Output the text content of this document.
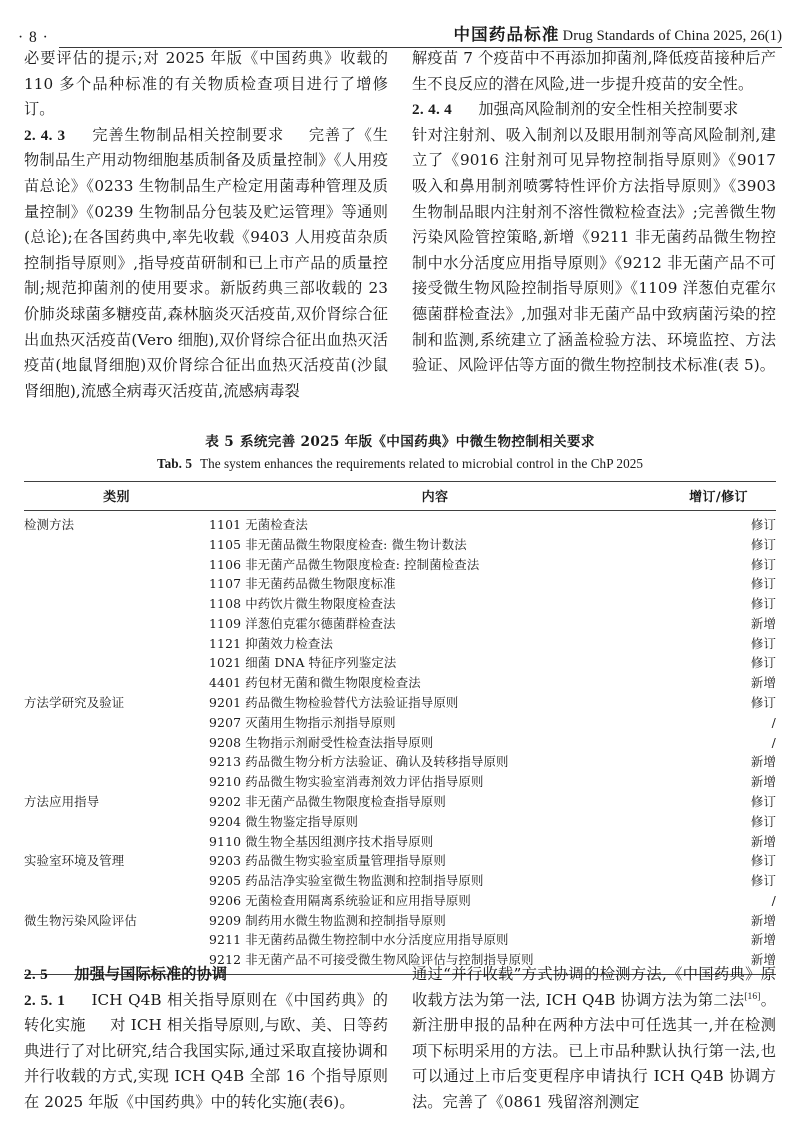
· 8 ·	中国药品标准 Drug Standards of China 2025, 26(1)

必要评估的提示;对 2025 年版《中国药典》收载的 110 多个品种标准的有关物质检查项目进行了增修订。

2. 4. 3 完善生物制品相关控制要求 完善了《生物制品生产用动物细胞基质制备及质量控制》《人用疫苗总论》《0233 生物制品生产检定用菌毒种管理及质量控制》《0239 生物制品分包装及贮运管理》等通则(总论);在各国药典中,率先收载《9403 人用疫苗杂质控制指导原则》,指导疫苗研制和已上市产品的质量控制;规范抑菌剂的使用要求。新版药典三部收载的 23 价肺炎球菌多糖疫苗,森林脑炎灭活疫苗,双价肾综合征出血热灭活疫苗(Vero 细胞),双价肾综合征出血热灭活疫苗(地鼠肾细胞)双价肾综合征出血热灭活疫苗(沙鼠肾细胞),流感全病毒灭活疫苗,流感病毒裂

解疫苗 7 个疫苗中不再添加抑菌剂,降低疫苗接种后产生不良反应的潜在风险,进一步提升疫苗的安全性。

2. 4. 4 加强高风险制剂的安全性相关控制要求
针对注射剂、吸入制剂以及眼用制剂等高风险制剂,建立了《9016 注射剂可见异物控制指导原则》《9017 吸入和鼻用制剂喷雾特性评价方法指导原则》《3903 生物制品眼内注射剂不溶性微粒检查法》;完善微生物污染风险管控策略,新增《9211 非无菌药品微生物控制中水分活度应用指导原则》《9212 非无菌产品不可接受微生物风险控制指导原则》《1109 洋葱伯克霍尔德菌群检查法》,加强对非无菌产品中致病菌污染的控制和监测,系统建立了涵盖检验方法、环境监控、方法验证、风险评估等方面的微生物控制技术标准(表 5)。

表 5 系统完善 2025 年版《中国药典》中微生物控制相关要求
Tab. 5 The system enhances the requirements related to microbial control in the ChP 2025
类别	内容	增订/修订
检测方法	1101 无菌检查法	修订
	1105 非无菌品微生物限度检查: 微生物计数法	修订
	1106 非无菌产品微生物限度检查: 控制菌检查法	修订
	1107 非无菌药品微生物限度标准	修订
	1108 中药饮片微生物限度检查法	修订
	1109 洋葱伯克霍尔德菌群检查法	新增
	1121 抑菌效力检查法	修订
	1021 细菌 DNA 特征序列鉴定法	修订
	4401 药包材无菌和微生物限度检查法	新增
方法学研究及验证	9201 药品微生物检验替代方法验证指导原则	修订
	9207 灭菌用生物指示剂指导原则	/
	9208 生物指示剂耐受性检查法指导原则	/
	9213 药品微生物分析方法验证、确认及转移指导原则	新增
	9210 药品微生物实验室消毒剂效力评估指导原则	新增
方法应用指导	9202 非无菌产品微生物限度检查指导原则	修订
	9204 微生物鉴定指导原则	修订
	9110 微生物全基因组测序技术指导原则	新增
实验室环境及管理	9203 药品微生物实验室质量管理指导原则	修订
	9205 药品洁净实验室微生物监测和控制指导原则	修订
	9206 无菌检查用隔离系统验证和应用指导原则	/
微生物污染风险评估	9209 制药用水微生物监测和控制指导原则	新增
	9211 非无菌药品微生物控制中水分活度应用指导原则	新增
	9212 非无菌产品不可接受微生物风险评估与控制指导原则	新增

2. 5 加强与国际标准的协调

2. 5. 1 ICH Q4B 相关指导原则在《中国药典》的转化实施 对 ICH 相关指导原则,与欧、美、日等药典进行了对比研究,结合我国实际,通过采取直接协调和并行收载的方式,实现 ICH Q4B 全部 16 个指导原则在 2025 年版《中国药典》中的转化实施(表6)。

通过“并行收载”方式协调的检测方法,《中国药典》原收载方法为第一法, ICH Q4B 协调方法为第二法[16]。新注册申报的品种在两种方法中可任选其一,并在检测项下标明采用的方法。已上市品种默认执行第一法,也可以通过上市后变更程序申请执行 ICH Q4B 协调方法。完善了《0861 残留溶剂测定
